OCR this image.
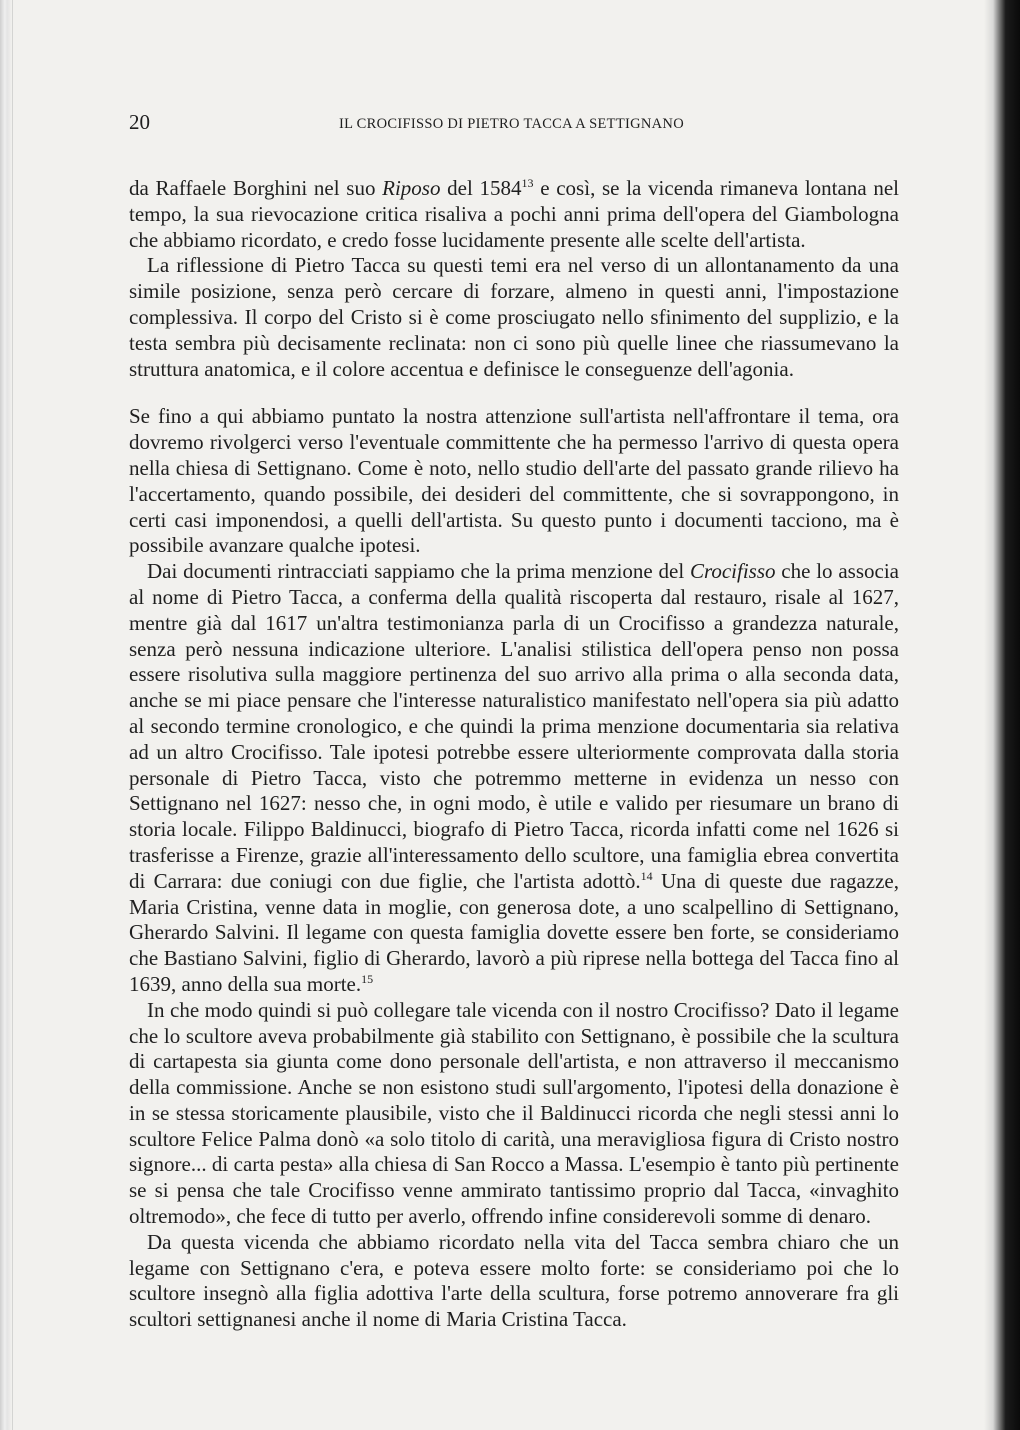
20	IL CROCIFISSO DI PIETRO TACCA A SETTIGNANO

da Raffaele Borghini nel suo Riposo del 1584$^{13}$ e così, se la vicenda rimaneva lontana nel tempo, la sua rievocazione critica risaliva a pochi anni prima dell'opera del Giambologna che abbiamo ricordato, e credo fosse lucidamente presente alle scelte dell'artista.

La riflessione di Pietro Tacca su questi temi era nel verso di un allontanamento da una simile posizione, senza però cercare di forzare, almeno in questi anni, l'impostazione complessiva. Il corpo del Cristo si è come prosciugato nello sfinimento del supplizio, e la testa sembra più decisamente reclinata: non ci sono più quelle linee che riassumevano la struttura anatomica, e il colore accentua e definisce le conseguenze dell'agonia.

Se fino a qui abbiamo puntato la nostra attenzione sull'artista nell'affrontare il tema, ora dovremo rivolgerci verso l'eventuale committente che ha permesso l'arrivo di questa opera nella chiesa di Settignano. Come è noto, nello studio dell'arte del passato grande rilievo ha l'accertamento, quando possibile, dei desideri del committente, che si sovrappongono, in certi casi imponendosi, a quelli dell'artista. Su questo punto i documenti tacciono, ma è possibile avanzare qualche ipotesi.

Dai documenti rintracciati sappiamo che la prima menzione del Crocifisso che lo associa al nome di Pietro Tacca, a conferma della qualità riscoperta dal restauro, risale al 1627, mentre già dal 1617 un'altra testimonianza parla di un Crocifisso a grandezza naturale, senza però nessuna indicazione ulteriore. L'analisi stilistica dell'opera penso non possa essere risolutiva sulla maggiore pertinenza del suo arrivo alla prima o alla seconda data, anche se mi piace pensare che l'interesse naturalistico manifestato nell'opera sia più adatto al secondo termine cronologico, e che quindi la prima menzione documentaria sia relativa ad un altro Crocifisso. Tale ipotesi potrebbe essere ulteriormente comprovata dalla storia personale di Pietro Tacca, visto che potremmo metterne in evidenza un nesso con Settignano nel 1627: nesso che, in ogni modo, è utile e valido per riesumare un brano di storia locale. Filippo Baldinucci, biografo di Pietro Tacca, ricorda infatti come nel 1626 si trasferisse a Firenze, grazie all'interessamento dello scultore, una famiglia ebrea convertita di Carrara: due coniugi con due figlie, che l'artista adottò.$^{14}$ Una di queste due ragazze, Maria Cristina, venne data in moglie, con generosa dote, a uno scalpellino di Settignano, Gherardo Salvini. Il legame con questa famiglia dovette essere ben forte, se consideriamo che Bastiano Salvini, figlio di Gherardo, lavorò a più riprese nella bottega del Tacca fino al 1639, anno della sua morte.$^{15}$

In che modo quindi si può collegare tale vicenda con il nostro Crocifisso? Dato il legame che lo scultore aveva probabilmente già stabilito con Settignano, è possibile che la scultura di cartapesta sia giunta come dono personale dell'artista, e non attraverso il meccanismo della commissione. Anche se non esistono studi sull'argomento, l'ipotesi della donazione è in se stessa storicamente plausibile, visto che il Baldinucci ricorda che negli stessi anni lo scultore Felice Palma donò «a solo titolo di carità, una meravigliosa figura di Cristo nostro signore... di carta pesta» alla chiesa di San Rocco a Massa. L'esempio è tanto più pertinente se si pensa che tale Crocifisso venne ammirato tantissimo proprio dal Tacca, «invaghito oltremodo», che fece di tutto per averlo, offrendo infine considerevoli somme di denaro.

Da questa vicenda che abbiamo ricordato nella vita del Tacca sembra chiaro che un legame con Settignano c'era, e poteva essere molto forte: se consideriamo poi che lo scultore insegnò alla figlia adottiva l'arte della scultura, forse potremo annoverare fra gli scultori settignanesi anche il nome di Maria Cristina Tacca.
